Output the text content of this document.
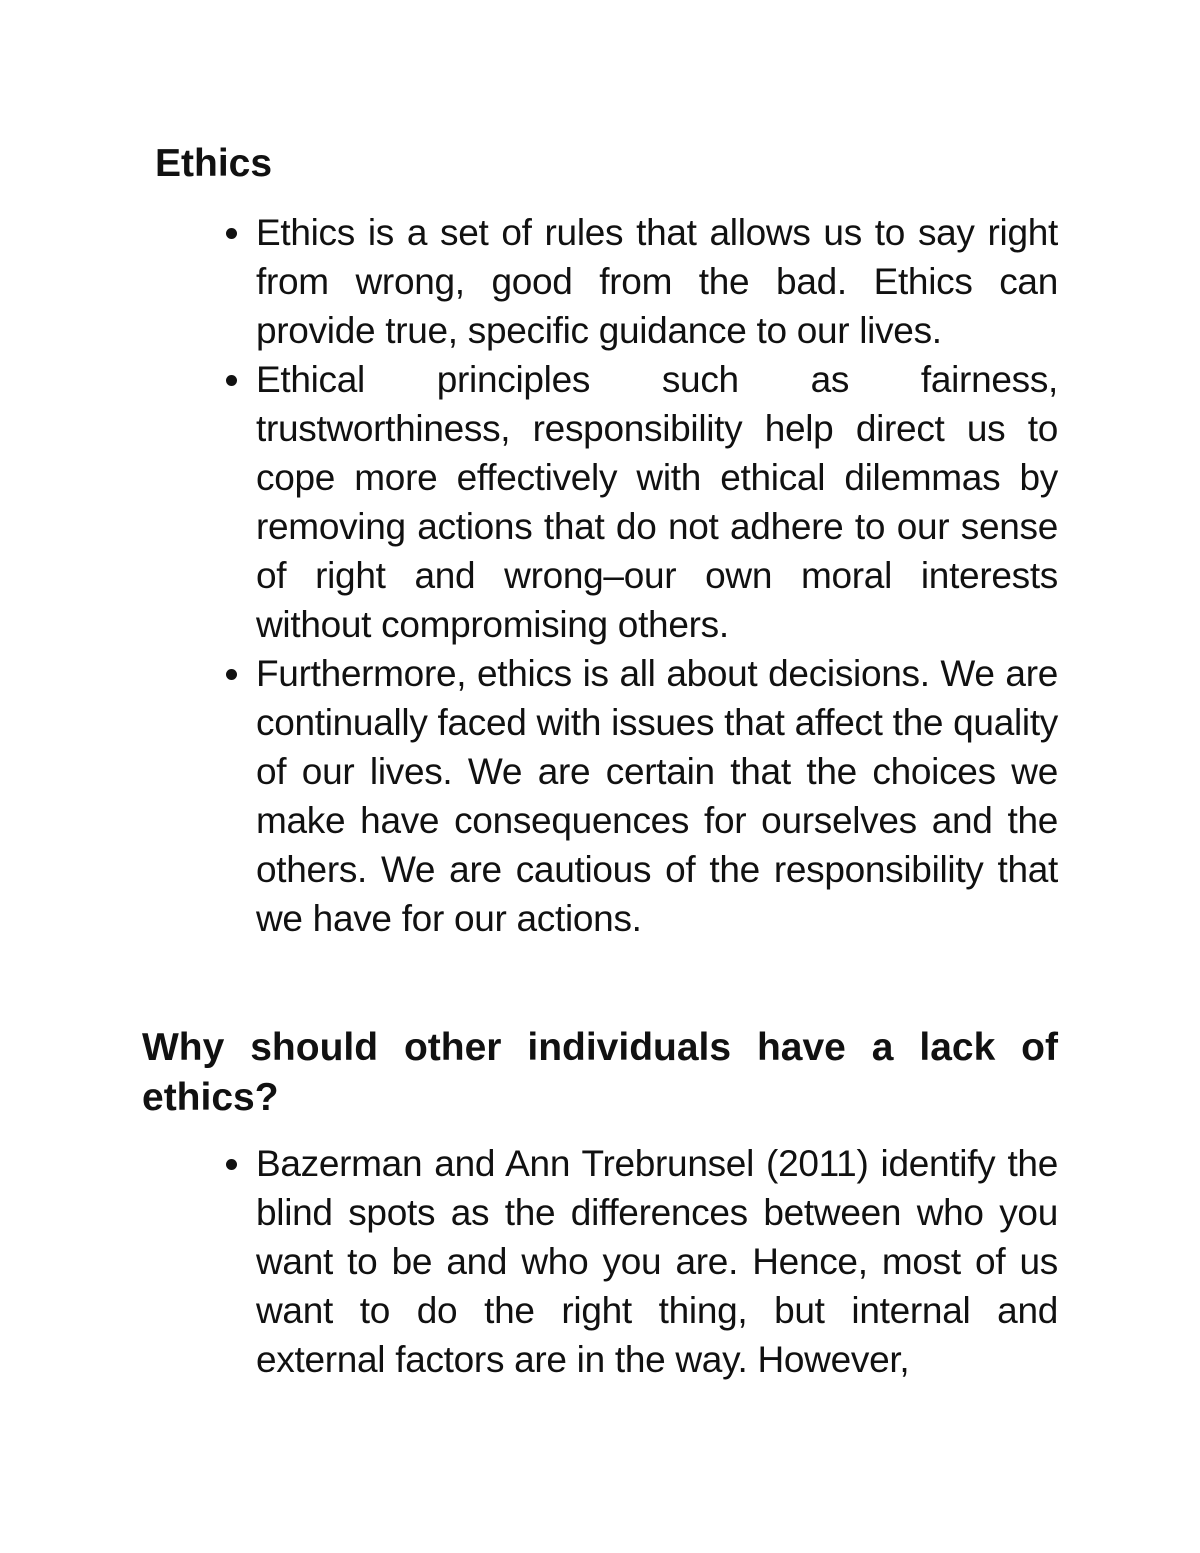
Ethics
Ethics is a set of rules that allows us to say right from wrong, good from the bad. Ethics can provide true, specific guidance to our lives.
Ethical principles such as fairness, trustworthiness, responsibility help direct us to cope more effectively with ethical dilemmas by removing actions that do not adhere to our sense of right and wrong–our own moral interests without compromising others.
Furthermore, ethics is all about decisions. We are continually faced with issues that affect the quality of our lives. We are certain that the choices we make have consequences for ourselves and the others. We are cautious of the responsibility that we have for our actions.
Why should other individuals have a lack of ethics?
Bazerman and Ann Trebrunsel (2011) identify the blind spots as the differences between who you want to be and who you are. Hence, most of us want to do the right thing, but internal and external factors are in the way. However,
